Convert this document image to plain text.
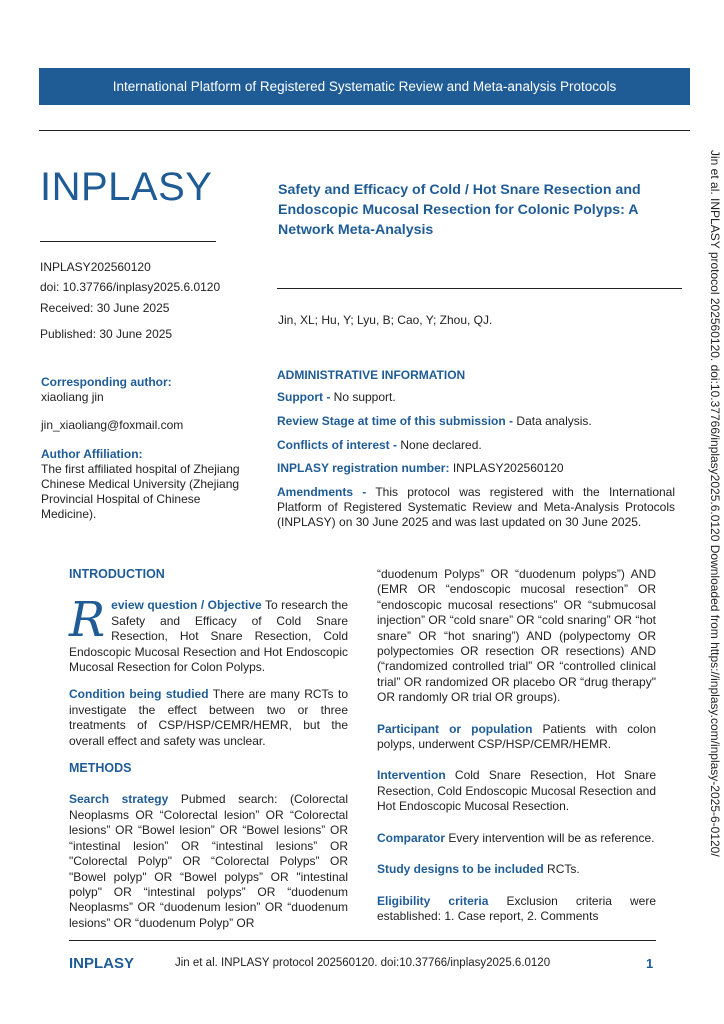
International Platform of Registered Systematic Review and Meta-analysis Protocols
INPLASY
INPLASY202560120
doi: 10.37766/inplasy2025.6.0120
Received: 30 June 2025
Published: 30 June 2025
Corresponding author:
xiaoliang jin
jin_xiaoliang@foxmail.com
Author Affiliation:
The first affiliated hospital of Zhejiang Chinese Medical University (Zhejiang Provincial Hospital of Chinese Medicine).
Safety and Efficacy of Cold / Hot Snare Resection and Endoscopic Mucosal Resection for Colonic Polyps: A Network Meta-Analysis
Jin, XL; Hu, Y; Lyu, B; Cao, Y; Zhou, QJ.
ADMINISTRATIVE INFORMATION
Support - No support.
Review Stage at time of this submission - Data analysis.
Conflicts of interest - None declared.
INPLASY registration number: INPLASY202560120
Amendments - This protocol was registered with the International Platform of Registered Systematic Review and Meta-Analysis Protocols (INPLASY) on 30 June 2025 and was last updated on 30 June 2025.
INTRODUCTION

Review question / Objective To research the Safety and Efficacy of Cold Snare Resection, Hot Snare Resection, Cold Endoscopic Mucosal Resection and Hot Endoscopic Mucosal Resection for Colon Polyps.

Condition being studied There are many RCTs to investigate the effect between two or three treatments of CSP/HSP/CEMR/HEMR, but the overall effect and safety was unclear.

METHODS

Search strategy Pubmed search: (Colorectal Neoplasms OR “Colorectal lesion” OR “Colorectal lesions” OR “Bowel lesion” OR “Bowel lesions” OR “intestinal lesion” OR “intestinal lesions” OR "Colorectal Polyp" OR “Colorectal Polyps” OR "Bowel polyp" OR “Bowel polyps” OR "intestinal polyp" OR “intestinal polyps” OR “duodenum Neoplasms” OR “duodenum lesion” OR “duodenum lesions” OR “duodenum Polyp” OR

“duodenum Polyps” OR “duodenum polyps”) AND (EMR OR “endoscopic mucosal resection” OR “endoscopic mucosal resections” OR “submucosal injection” OR “cold snare” OR “cold snaring” OR “hot snare” OR “hot snaring”) AND (polypectomy OR polypectomies OR resection OR resections) AND (“randomized controlled trial” OR “controlled clinical trial” OR randomized OR placebo OR “drug therapy" OR randomly OR trial OR groups).

Participant or population Patients with colon polyps, underwent CSP/HSP/CEMR/HEMR.

Intervention Cold Snare Resection, Hot Snare Resection, Cold Endoscopic Mucosal Resection and Hot Endoscopic Mucosal Resection.

Comparator Every intervention will be as reference.

Study designs to be included RCTs.

Eligibility criteria Exclusion criteria were established: 1. Case report, 2. Comments

Jin et al. INPLASY protocol 202560120. doi:10.37766/inplasy2025.6.0120 Downloaded from https://inplasy.com/inplasy-2025-6-0120/
INPLASY	Jin et al. INPLASY protocol 202560120. doi:10.37766/inplasy2025.6.0120	1
